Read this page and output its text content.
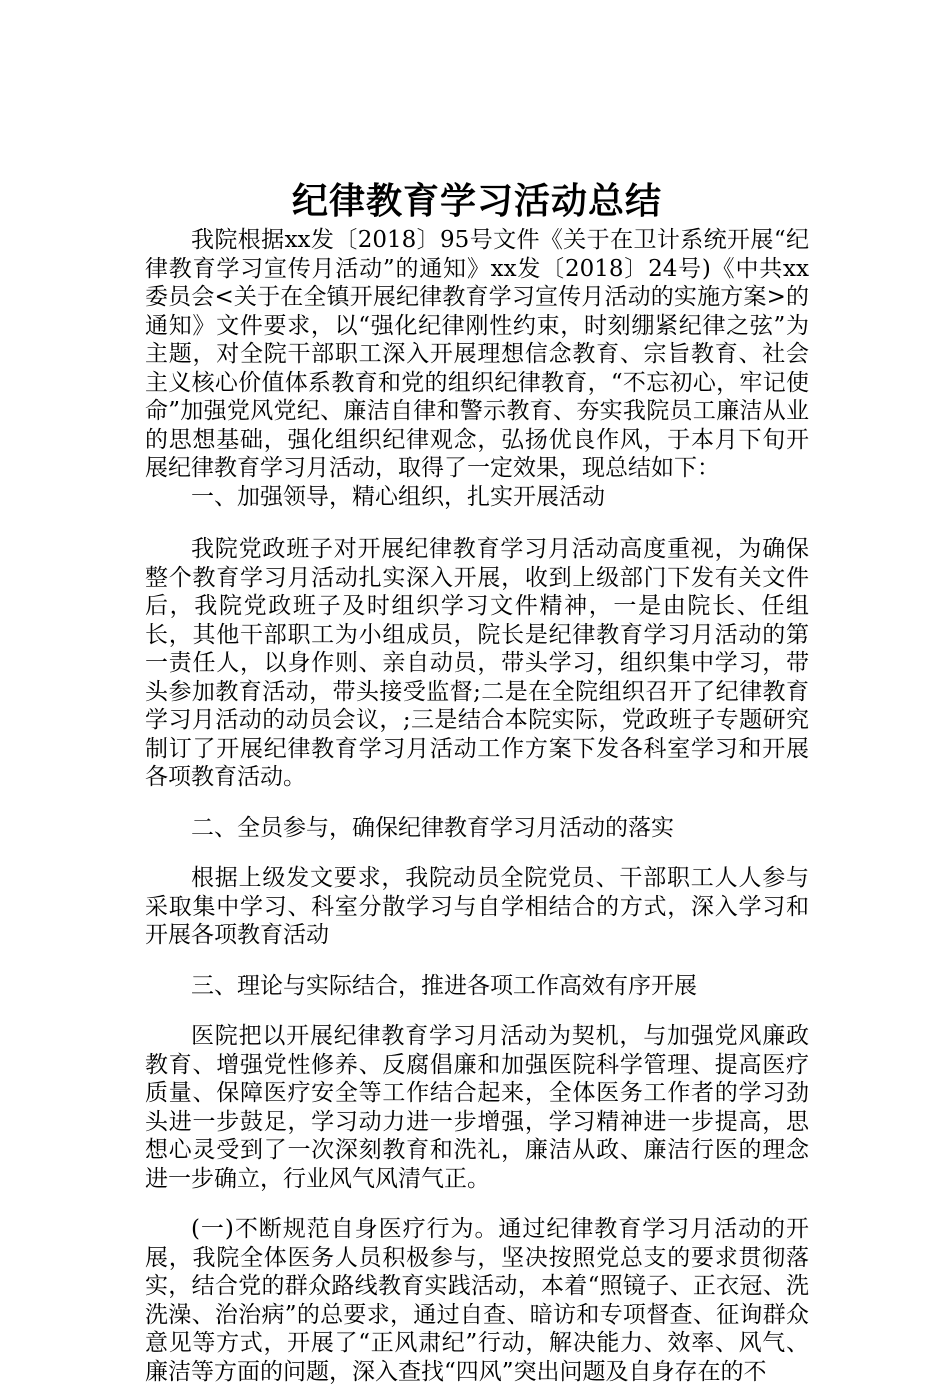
纪律教育学习活动总结

我院根据xx发〔2018〕95号文件《关于在卫计系统开展“纪律教育学习宣传月活动”的通知》xx发〔2018〕24号)《中共xx委员会<关于在全镇开展纪律教育学习宣传月活动的实施方案>的通知》文件要求，以“强化纪律刚性约束，时刻绷紧纪律之弦”为主题，对全院干部职工深入开展理想信念教育、宗旨教育、社会主义核心价值体系教育和党的组织纪律教育，“不忘初心，牢记使命”加强党风党纪、廉洁自律和警示教育、夯实我院员工廉洁从业的思想基础，强化组织纪律观念，弘扬优良作风，于本月下旬开展纪律教育学习月活动，取得了一定效果，现总结如下：

一、加强领导，精心组织，扎实开展活动

我院党政班子对开展纪律教育学习月活动高度重视，为确保整个教育学习月活动扎实深入开展，收到上级部门下发有关文件后，我院党政班子及时组织学习文件精神，一是由院长、任组长，其他干部职工为小组成员，院长是纪律教育学习月活动的第一责任人，以身作则、亲自动员，带头学习，组织集中学习，带头参加教育活动，带头接受监督;二是在全院组织召开了纪律教育学习月活动的动员会议，;三是结合本院实际，党政班子专题研究制订了开展纪律教育学习月活动工作方案下发各科室学习和开展各项教育活动。

二、全员参与，确保纪律教育学习月活动的落实

根据上级发文要求，我院动员全院党员、干部职工人人参与采取集中学习、科室分散学习与自学相结合的方式，深入学习和开展各项教育活动

三、理论与实际结合，推进各项工作高效有序开展

医院把以开展纪律教育学习月活动为契机，与加强党风廉政教育、增强党性修养、反腐倡廉和加强医院科学管理、提高医疗质量、保障医疗安全等工作结合起来，全体医务工作者的学习劲头进一步鼓足，学习动力进一步增强，学习精神进一步提高，思想心灵受到了一次深刻教育和洗礼，廉洁从政、廉洁行医的理念进一步确立，行业风气风清气正。

(一)不断规范自身医疗行为。通过纪律教育学习月活动的开展，我院全体医务人员积极参与，坚决按照党总支的要求贯彻落实，结合党的群众路线教育实践活动，本着“照镜子、正衣冠、洗洗澡、治治病”的总要求，通过自查、暗访和专项督查、征询群众意见等方式，开展了“正风肃纪”行动，解决能力、效率、风气、廉洁等方面的问题，深入查找“四风”突出问题及自身存在的不
